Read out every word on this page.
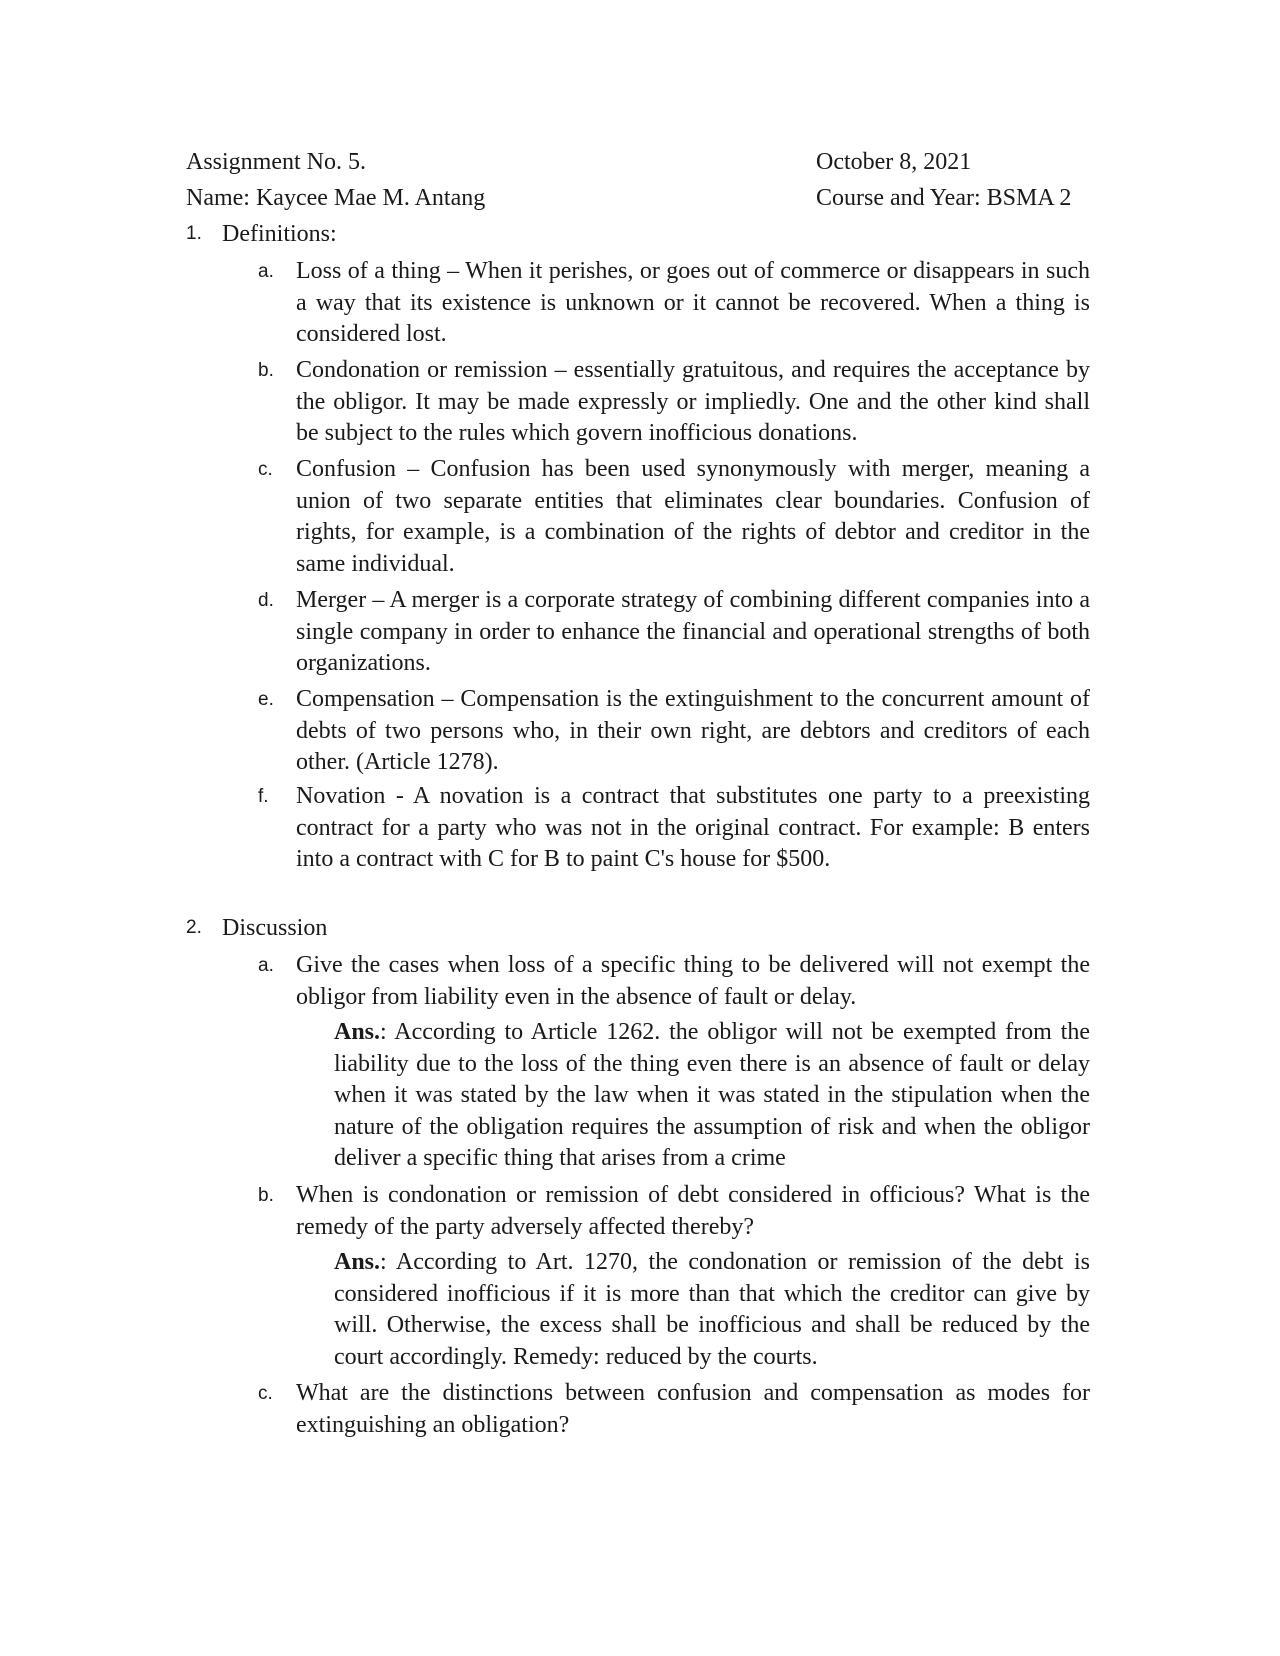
Assignment No. 5.	October 8, 2021
Name: Kaycee Mae M. Antang	Course and Year: BSMA 2
1. Definitions:
a. Loss of a thing – When it perishes, or goes out of commerce or disappears in such a way that its existence is unknown or it cannot be recovered. When a thing is considered lost.
b. Condonation or remission – essentially gratuitous, and requires the acceptance by the obligor. It may be made expressly or impliedly. One and the other kind shall be subject to the rules which govern inofficious donations.
c. Confusion – Confusion has been used synonymously with merger, meaning a union of two separate entities that eliminates clear boundaries. Confusion of rights, for example, is a combination of the rights of debtor and creditor in the same individual.
d. Merger – A merger is a corporate strategy of combining different companies into a single company in order to enhance the financial and operational strengths of both organizations.
e. Compensation – Compensation is the extinguishment to the concurrent amount of debts of two persons who, in their own right, are debtors and creditors of each other. (Article 1278).
f.	Novation - A novation is a contract that substitutes one party to a preexisting contract for a party who was not in the original contract. For example: B enters into a contract with C for B to paint C's house for $500.
2. Discussion
a. Give the cases when loss of a specific thing to be delivered will not exempt the obligor from liability even in the absence of fault or delay.
Ans.: According to Article 1262. the obligor will not be exempted from the liability due to the loss of the thing even there is an absence of fault or delay when it was stated by the law when it was stated in the stipulation when the nature of the obligation requires the assumption of risk and when the obligor deliver a specific thing that arises from a crime
b. When is condonation or remission of debt considered in officious? What is the remedy of the party adversely affected thereby?
Ans.: According to Art. 1270, the condonation or remission of the debt is considered inofficious if it is more than that which the creditor can give by will. Otherwise, the excess shall be inofficious and shall be reduced by the court accordingly. Remedy: reduced by the courts.
c. What are the distinctions between confusion and compensation as modes for extinguishing an obligation?
